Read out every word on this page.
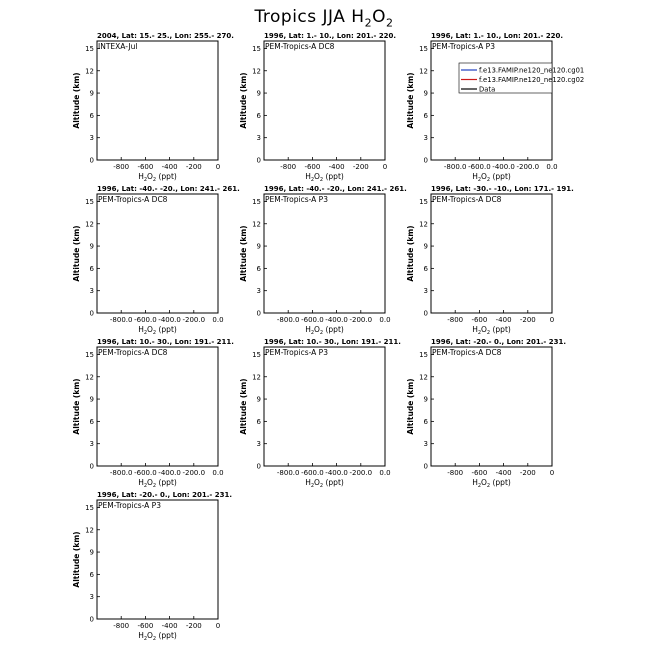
Tropics JJA $H_2O_2$
2004, Lat: 15.- 25., Lon: 255.- 270.
INTEXA-Jul
0
3
6
9
12
15
-800 -600 -400 -200 0
$H_2O_2$ (ppt)
Altitude (km)
1996, Lat: 1.- 10., Lon: 201.- 220.
PEM-Tropics-A DC8
0
3
6
9
12
15
-800 -600 -400 -200 0
$H_2O_2$ (ppt)
Altitude (km)
1996, Lat: 1.- 10., Lon: 201.- 220.
PEM-Tropics-A P3
0
3
6
9
12
15
-800.0 -600.0 -400.0 -200.0 0.0
$H_2O_2$ (ppt)
Altitude (km)
f.e13.FAMIP.ne120_ne120.cg01
f.e13.FAMIP.ne120_ne120.cg02
Data
1996, Lat: -40.- -20., Lon: 241.- 261.
PEM-Tropics-A DC8
0
3
6
9
12
15
-800.0 -600.0 -400.0 -200.0 0.0
$H_2O_2$ (ppt)
Altitude (km)
1996, Lat: -40.- -20., Lon: 241.- 261.
PEM-Tropics-A P3
0
3
6
9
12
15
-800.0 -600.0 -400.0 -200.0 0.0
$H_2O_2$ (ppt)
Altitude (km)
1996, Lat: -30.- -10., Lon: 171.- 191.
PEM-Tropics-A DC8
0
3
6
9
12
15
-800 -600 -400 -200 0
$H_2O_2$ (ppt)
Altitude (km)
1996, Lat: 10.- 30., Lon: 191.- 211.
PEM-Tropics-A DC8
0
3
6
9
12
15
-800.0 -600.0 -400.0 -200.0 0.0
$H_2O_2$ (ppt)
Altitude (km)
1996, Lat: 10.- 30., Lon: 191.- 211.
PEM-Tropics-A P3
0
3
6
9
12
15
-800.0 -600.0 -400.0 -200.0 0.0
$H_2O_2$ (ppt)
Altitude (km)
1996, Lat: -20.- 0., Lon: 201.- 231.
PEM-Tropics-A DC8
0
3
6
9
12
15
-800 -600 -400 -200 0
$H_2O_2$ (ppt)
Altitude (km)
1996, Lat: -20.- 0., Lon: 201.- 231.
PEM-Tropics-A P3
0
3
6
9
12
15
-800 -600 -400 -200 0
$H_2O_2$ (ppt)
Altitude (km)
